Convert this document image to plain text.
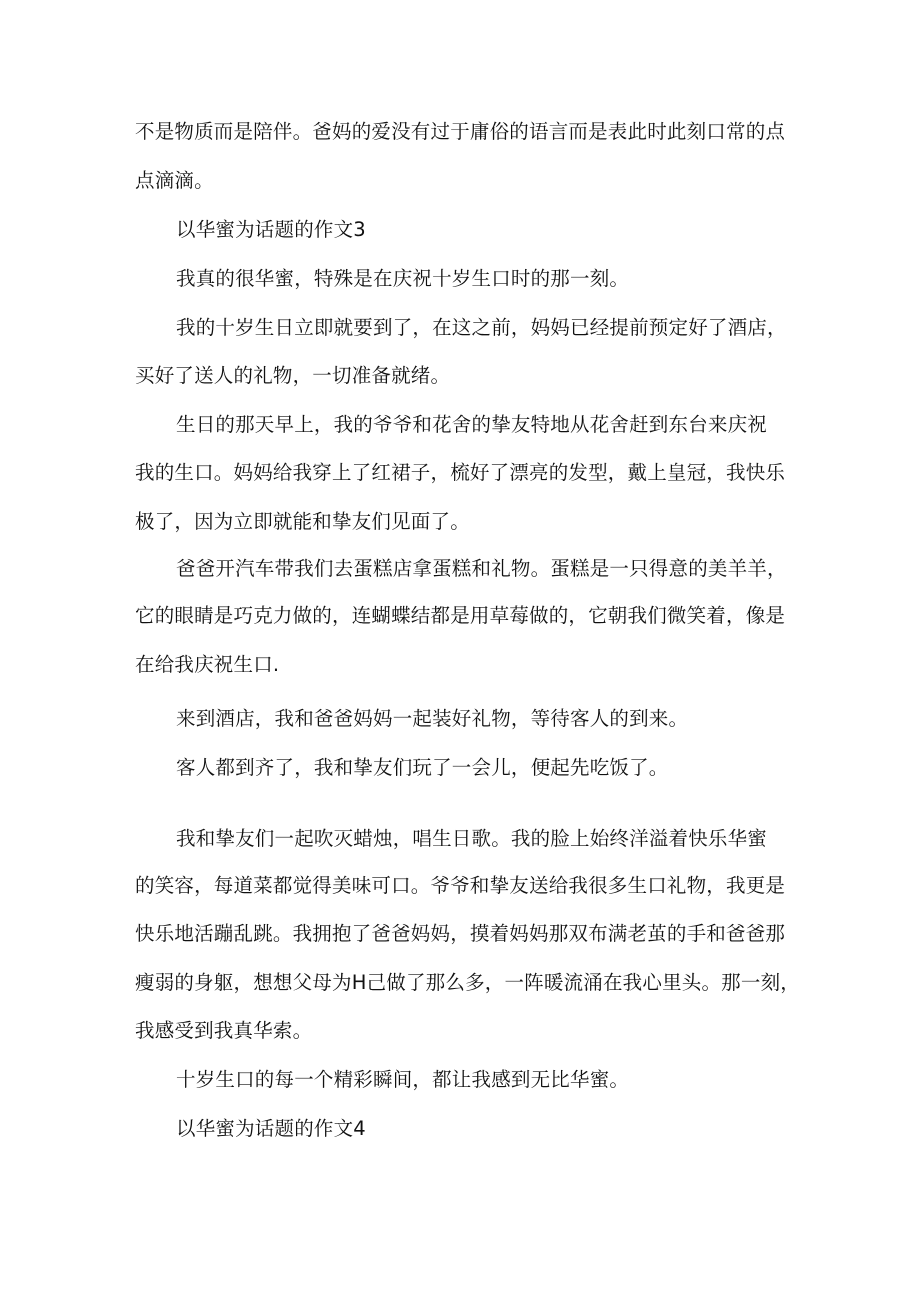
不是物质而是陪伴。爸妈的爱没有过于庸俗的语言而是表此时此刻口常的点
点滴滴。
以华蜜为话题的作文3
我真的很华蜜，特殊是在庆祝十岁生口时的那一刻。
我的十岁生日立即就要到了，在这之前，妈妈已经提前预定好了酒店，
买好了送人的礼物，一切准备就绪。
生日的那天早上，我的爷爷和花舍的挚友特地从花舍赶到东台来庆祝
我的生口。妈妈给我穿上了红裙子，梳好了漂亮的发型，戴上皇冠，我快乐
极了，因为立即就能和挚友们见面了。
爸爸开汽车带我们去蛋糕店拿蛋糕和礼物。蛋糕是一只得意的美羊羊，
它的眼睛是巧克力做的，连蝴蝶结都是用草莓做的，它朝我们微笑着，像是
在给我庆祝生口.
来到酒店，我和爸爸妈妈一起装好礼物，等待客人的到来。
客人都到齐了，我和挚友们玩了一会儿，便起先吃饭了。
我和挚友们一起吹灭蜡烛，唱生日歌。我的脸上始终洋溢着快乐华蜜
的笑容，每道菜都觉得美味可口。爷爷和挚友送给我很多生口礼物，我更是
快乐地活蹦乱跳。我拥抱了爸爸妈妈，摸着妈妈那双布满老茧的手和爸爸那
瘦弱的身躯，想想父母为H己做了那么多，一阵暖流涌在我心里头。那一刻，
我感受到我真华索。
十岁生口的每一个精彩瞬间，都让我感到无比华蜜。
以华蜜为话题的作文4
